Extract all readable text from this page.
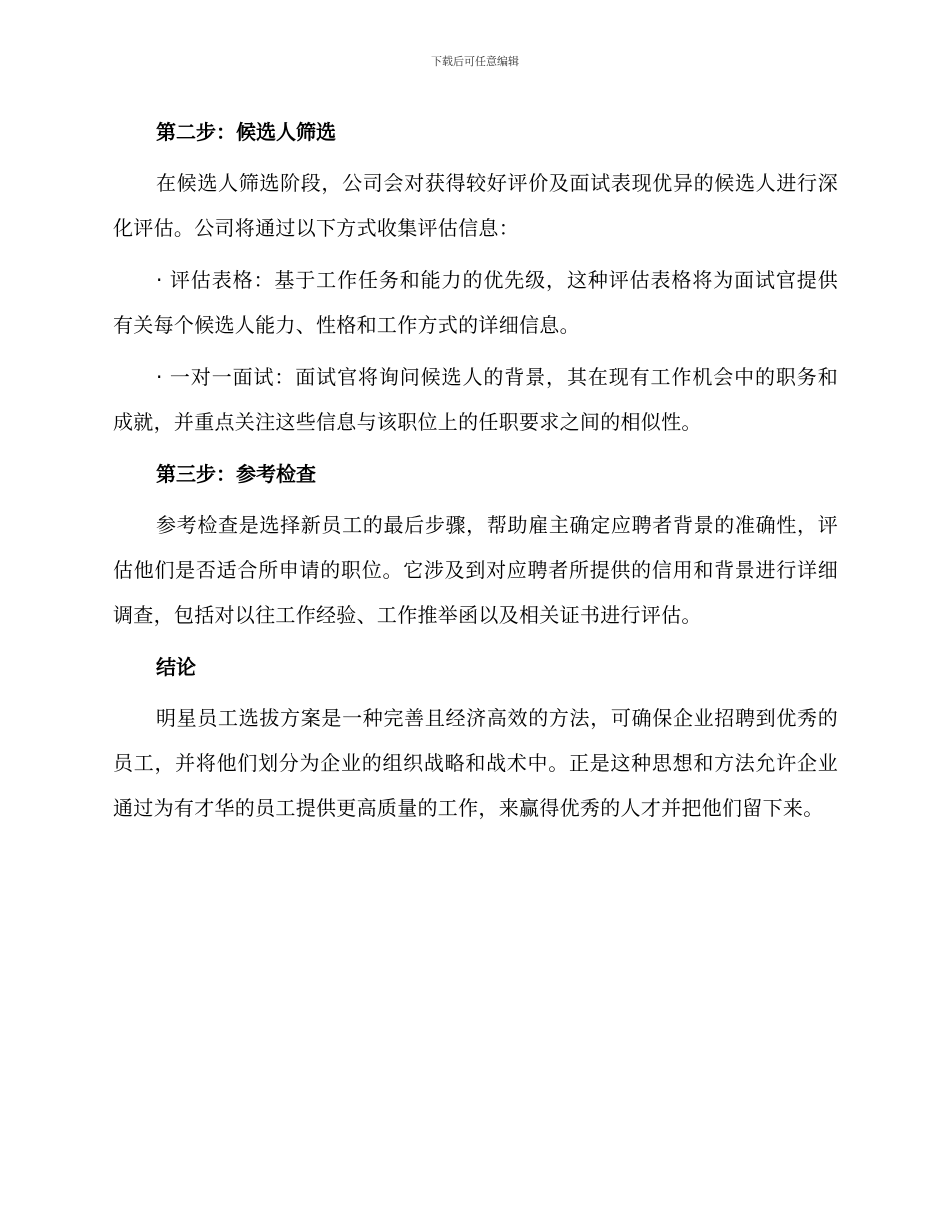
下载后可任意编辑
第二步：候选人筛选
在候选人筛选阶段，公司会对获得较好评价及面试表现优异的候选人进行深化评估。公司将通过以下方式收集评估信息：
· 评估表格：基于工作任务和能力的优先级，这种评估表格将为面试官提供有关每个候选人能力、性格和工作方式的详细信息。
· 一对一面试：面试官将询问候选人的背景，其在现有工作机会中的职务和成就，并重点关注这些信息与该职位上的任职要求之间的相似性。
第三步：参考检查
参考检查是选择新员工的最后步骤，帮助雇主确定应聘者背景的准确性，评估他们是否适合所申请的职位。它涉及到对应聘者所提供的信用和背景进行详细调查，包括对以往工作经验、工作推举函以及相关证书进行评估。
结论
明星员工选拔方案是一种完善且经济高效的方法，可确保企业招聘到优秀的员工，并将他们划分为企业的组织战略和战术中。正是这种思想和方法允许企业通过为有才华的员工提供更高质量的工作，来赢得优秀的人才并把他们留下来。
